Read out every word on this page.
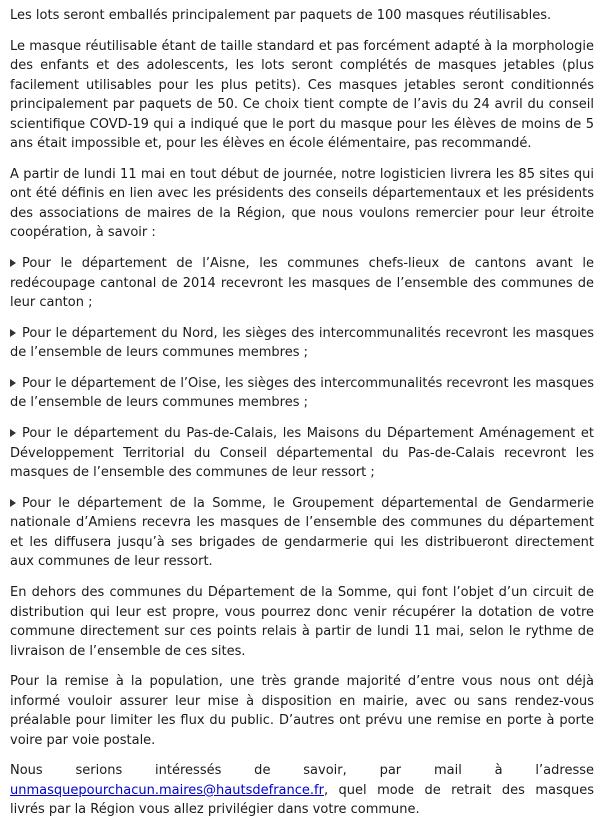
Les lots seront emballés principalement par paquets de 100 masques réutilisables.

Le masque réutilisable étant de taille standard et pas forcément adapté à la morphologie des enfants et des adolescents, les lots seront complétés de masques jetables (plus facilement utilisables pour les plus petits). Ces masques jetables seront conditionnés principalement par paquets de 50. Ce choix tient compte de l’avis du 24 avril du conseil scientifique COVD-19 qui a indiqué que le port du masque pour les élèves de moins de 5 ans était impossible et, pour les élèves en école élémentaire, pas recommandé.

A partir de lundi 11 mai en tout début de journée, notre logisticien livrera les 85 sites qui ont été définis en lien avec les présidents des conseils départementaux et les présidents des associations de maires de la Région, que nous voulons remercier pour leur étroite coopération, à savoir :

Pour le département de l’Aisne, les communes chefs-lieux de cantons avant le redécoupage cantonal de 2014 recevront les masques de l’ensemble des communes de leur canton ;

Pour le département du Nord, les sièges des intercommunalités recevront les masques de l’ensemble de leurs communes membres ;

Pour le département de l’Oise, les sièges des intercommunalités recevront les masques de l’ensemble de leurs communes membres ;

Pour le département du Pas-de-Calais, les Maisons du Département Aménagement et Développement Territorial du Conseil départemental du Pas-de-Calais recevront les masques de l’ensemble des communes de leur ressort ;

Pour le département de la Somme, le Groupement départemental de Gendarmerie nationale d’Amiens recevra les masques de l’ensemble des communes du département et les diffusera jusqu’à ses brigades de gendarmerie qui les distribueront directement aux communes de leur ressort.

En dehors des communes du Département de la Somme, qui font l’objet d’un circuit de distribution qui leur est propre, vous pourrez donc venir récupérer la dotation de votre commune directement sur ces points relais à partir de lundi 11 mai, selon le rythme de livraison de l’ensemble de ces sites.

Pour la remise à la population, une très grande majorité d’entre vous nous ont déjà informé vouloir assurer leur mise à disposition en mairie, avec ou sans rendez-vous préalable pour limiter les flux du public. D’autres ont prévu une remise en porte à porte voire par voie postale.

Nous serions intéressés de savoir, par mail à l’adresse unmasquepourchacun.maires@hautsdefrance.fr, quel mode de retrait des masques livrés par la Région vous allez privilégier dans votre commune.
